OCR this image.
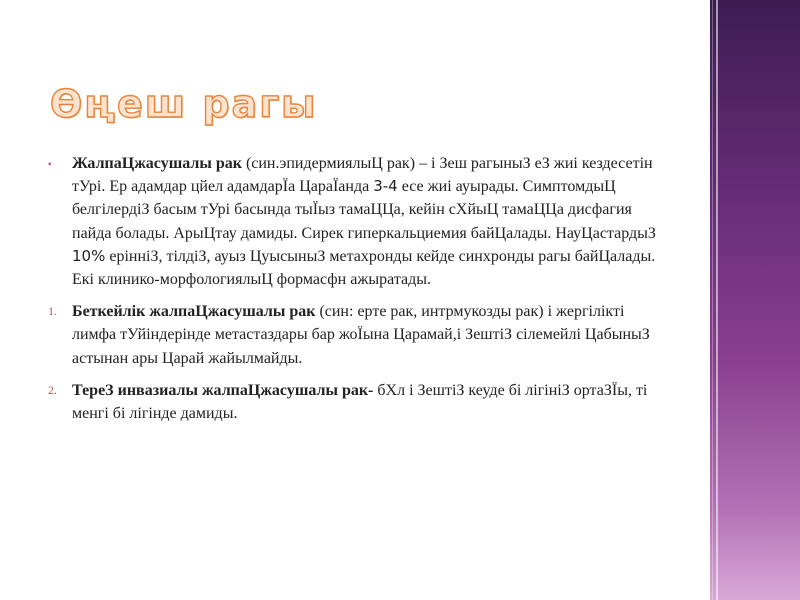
Өңеш рагы
▪ ЖалпаЦжасушалы рак (син.эпидермиялыЦ рак) – і Зеш рагыныЗ еЗ жиі кездесетін тУрі. Ер адамдар цйел адамдарЇа ЦараЇанда 3-4 есе жиі ауырады. СимптомдыЦ белгілердіЗ басым тУрі басында тыЇыз тамаЦЦа, кейін сХйыЦ тамаЦЦа дисфагия пайда болады. АрыЦтау дамиды. Сирек гиперкальциемия байЦалады. НауЦастардыЗ 10% ерінніЗ, тілдіЗ, ауыз ЦуысыныЗ метахронды кейде синхронды рагы байЦалады. Екі клинико-морфологиялыЦ формасфн ажыратады.
1. Беткейлік жалпаЦжасушалы рак (син: ерте рак, интрмукозды рак) і жергілікті лимфа тУйіндерінде метастаздары бар жоЇына Царамай,і ЗештіЗ сілемейлі ЦабыныЗ астынан ары Царай жайылмайды.
2. ТереЗ инвазиалы жалпаЦжасушалы рак- бХл і ЗештіЗ кеуде бі лігініЗ ортаЗЇы, ті менгі бі лігінде дамиды.
